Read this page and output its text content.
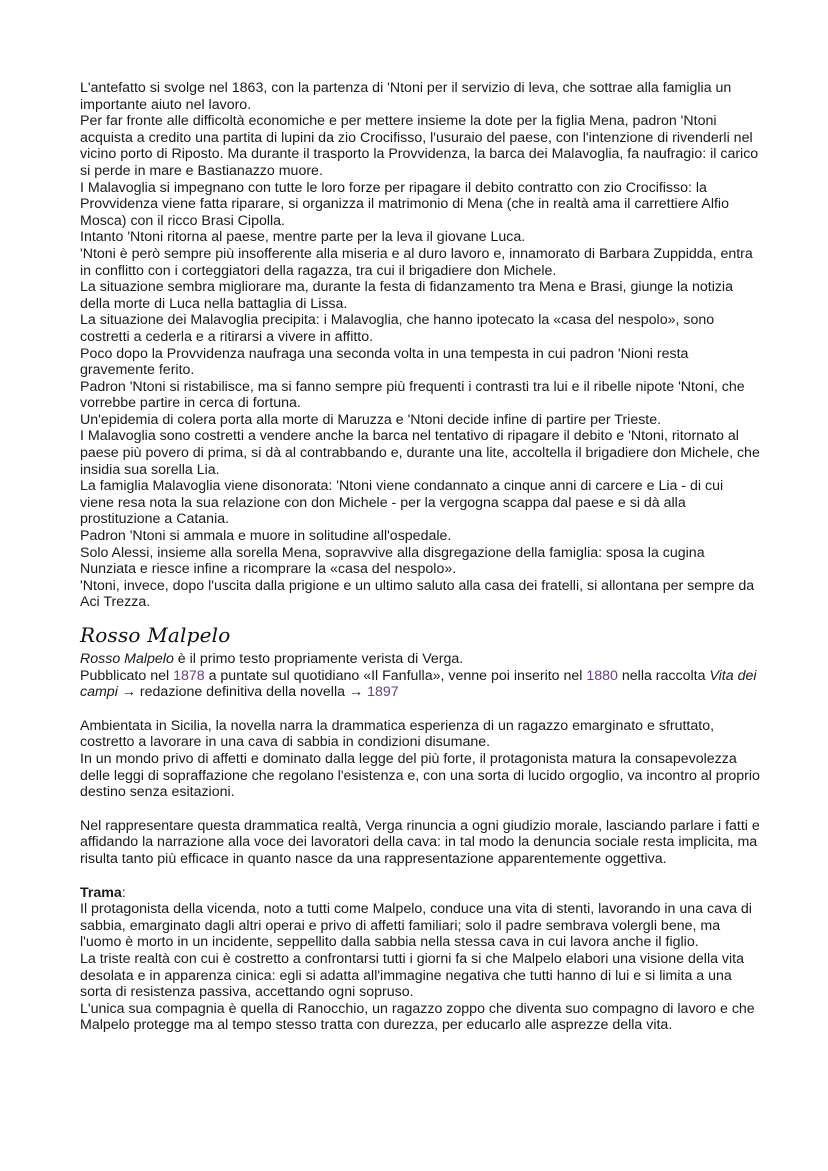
L'antefatto si svolge nel 1863, con la partenza di 'Ntoni per il servizio di leva, che sottrae alla famiglia un importante aiuto nel lavoro.

Per far fronte alle difficoltà economiche e per mettere insieme la dote per la figlia Mena, padron 'Ntoni acquista a credito una partita di lupini da zio Crocifisso, l'usuraio del paese, con l'intenzione di rivenderli nel vicino porto di Riposto. Ma durante il trasporto la Provvidenza, la barca dei Malavoglia, fa naufragio: il carico si perde in mare e Bastianazzo muore.

I Malavoglia si impegnano con tutte le loro forze per ripagare il debito contratto con zio Crocifisso: la Provvidenza viene fatta riparare, si organizza il matrimonio di Mena (che in realtà ama il carrettiere Alfio Mosca) con il ricco Brasi Cipolla.

Intanto 'Ntoni ritorna al paese, mentre parte per la leva il giovane Luca.

'Ntoni è però sempre più insofferente alla miseria e al duro lavoro e, innamorato di Barbara Zuppidda, entra in conflitto con i corteggiatori della ragazza, tra cui il brigadiere don Michele.

La situazione sembra migliorare ma, durante la festa di fidanzamento tra Mena e Brasi, giunge la notizia della morte di Luca nella battaglia di Lissa.

La situazione dei Malavoglia precipita: i Malavoglia, che hanno ipotecato la «casa del nespolo», sono costretti a cederla e a ritirarsi a vivere in affitto.

Poco dopo la Provvidenza naufraga una seconda volta in una tempesta in cui padron 'Nioni resta gravemente ferito.

Padron 'Ntoni si ristabilisce, ma si fanno sempre più frequenti i contrasti tra lui e il ribelle nipote 'Ntoni, che vorrebbe partire in cerca di fortuna.

Un'epidemia di colera porta alla morte di Maruzza e 'Ntoni decide infine di partire per Trieste.

I Malavoglia sono costretti a vendere anche la barca nel tentativo di ripagare il debito e 'Ntoni, ritornato al paese più povero di prima, si dà al contrabbando e, durante una lite, accoltella il brigadiere don Michele, che insidia sua sorella Lia.

La famiglia Malavoglia viene disonorata: 'Ntoni viene condannato a cinque anni di carcere e Lia - di cui viene resa nota la sua relazione con don Michele - per la vergogna scappa dal paese e si dà alla prostituzione a Catania.

Padron 'Ntoni si ammala e muore in solitudine all'ospedale.

Solo Alessi, insieme alla sorella Mena, sopravvive alla disgregazione della famiglia: sposa la cugina Nunziata e riesce infine a ricomprare la «casa del nespolo».

'Ntoni, invece, dopo l'uscita dalla prigione e un ultimo saluto alla casa dei fratelli, si allontana per sempre da Aci Trezza.

Rosso Malpelo

Rosso Malpelo è il primo testo propriamente verista di Verga.

Pubblicato nel 1878 a puntate sul quotidiano «Il Fanfulla», venne poi inserito nel 1880 nella raccolta Vita dei campi → redazione definitiva della novella → 1897

Ambientata in Sicilia, la novella narra la drammatica esperienza di un ragazzo emarginato e sfruttato, costretto a lavorare in una cava di sabbia in condizioni disumane.

In un mondo privo di affetti e dominato dalla legge del più forte, il protagonista matura la consapevolezza delle leggi di sopraffazione che regolano l'esistenza e, con una sorta di lucido orgoglio, va incontro al proprio destino senza esitazioni.

Nel rappresentare questa drammatica realtà, Verga rinuncia a ogni giudizio morale, lasciando parlare i fatti e affidando la narrazione alla voce dei lavoratori della cava: in tal modo la denuncia sociale resta implicita, ma risulta tanto più efficace in quanto nasce da una rappresentazione apparentemente oggettiva.

Trama:

Il protagonista della vicenda, noto a tutti come Malpelo, conduce una vita di stenti, lavorando in una cava di sabbia, emarginato dagli altri operai e privo di affetti familiari; solo il padre sembrava volergli bene, ma l'uomo è morto in un incidente, seppellito dalla sabbia nella stessa cava in cui lavora anche il figlio.

La triste realtà con cui è costretto a confrontarsi tutti i giorni fa si che Malpelo elabori una visione della vita desolata e in apparenza cinica: egli si adatta all'immagine negativa che tutti hanno di lui e si limita a una sorta di resistenza passiva, accettando ogni sopruso.

L'unica sua compagnia è quella di Ranocchio, un ragazzo zoppo che diventa suo compagno di lavoro e che Malpelo protegge ma al tempo stesso tratta con durezza, per educarlo alle asprezze della vita.
